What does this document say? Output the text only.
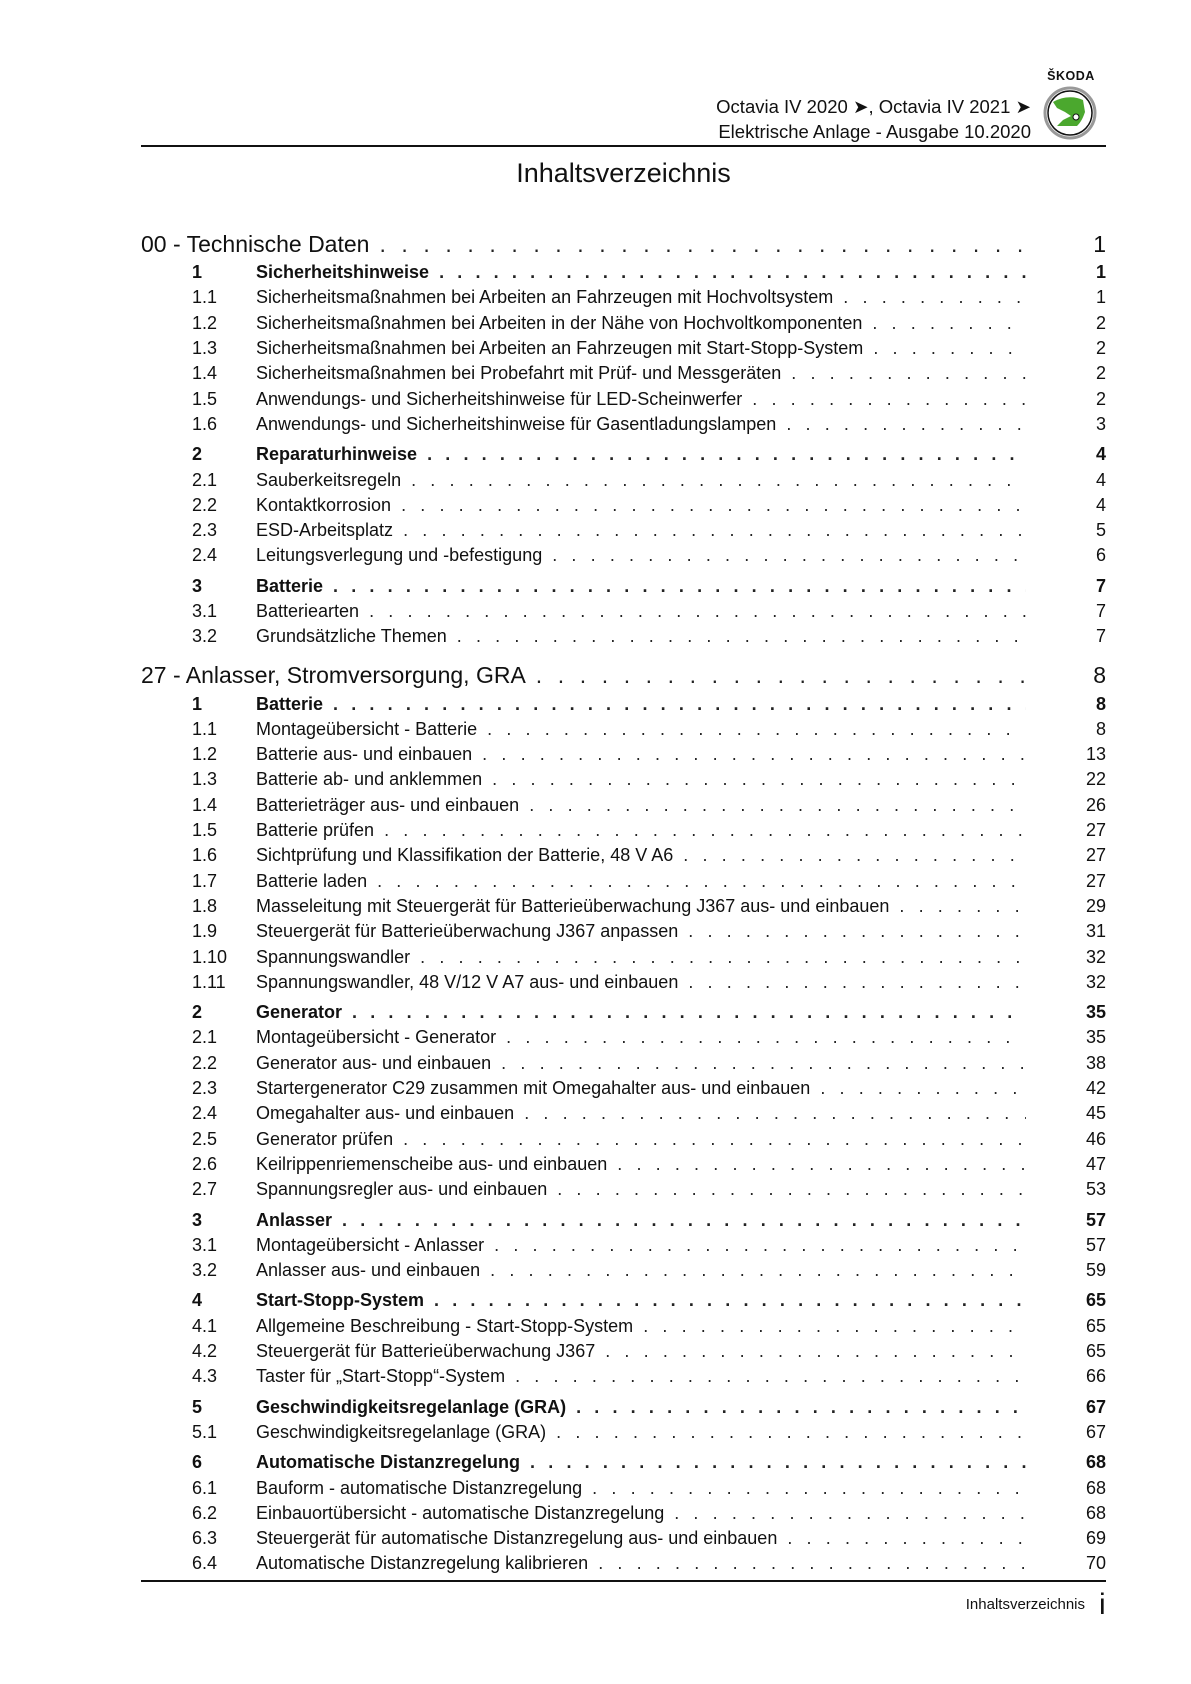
Octavia IV 2020 ➤, Octavia IV 2021 ➤
Elektrische Anlage - Ausgabe 10.2020
ŠKODA
Inhaltsverzeichnis
00 - Technische Daten . . .	1
1	Sicherheitshinweise . . .	1
1.1	Sicherheitsmaßnahmen bei Arbeiten an Fahrzeugen mit Hochvoltsystem . . .	1
1.2	Sicherheitsmaßnahmen bei Arbeiten in der Nähe von Hochvoltkomponenten . . .	2
1.3	Sicherheitsmaßnahmen bei Arbeiten an Fahrzeugen mit Start-Stopp-System . . .	2
1.4	Sicherheitsmaßnahmen bei Probefahrt mit Prüf- und Messgeräten . . .	2
1.5	Anwendungs- und Sicherheitshinweise für LED-Scheinwerfer . . .	2
1.6	Anwendungs- und Sicherheitshinweise für Gasentladungslampen . . .	3
2	Reparaturhinweise . . .	4
2.1	Sauberkeitsregeln . . .	4
2.2	Kontaktkorrosion . . .	4
2.3	ESD-Arbeitsplatz . . .	5
2.4	Leitungsverlegung und -befestigung . . .	6
3	Batterie . . .	7
3.1	Batteriearten . . .	7
3.2	Grundsätzliche Themen . . .	7
27 - Anlasser, Stromversorgung, GRA . . .	8
1	Batterie . . .	8
1.1	Montageübersicht - Batterie . . .	8
1.2	Batterie aus- und einbauen . . .	13
1.3	Batterie ab- und anklemmen . . .	22
1.4	Batterieträger aus- und einbauen . . .	26
1.5	Batterie prüfen . . .	27
1.6	Sichtprüfung und Klassifikation der Batterie, 48 V A6 . . .	27
1.7	Batterie laden . . .	27
1.8	Masseleitung mit Steuergerät für Batterieüberwachung J367 aus- und einbauen . . .	29
1.9	Steuergerät für Batterieüberwachung J367 anpassen . . .	31
1.10	Spannungswandler . . .	32
1.11	Spannungswandler, 48 V/12 V A7 aus- und einbauen . . .	32
2	Generator . . .	35
2.1	Montageübersicht - Generator . . .	35
2.2	Generator aus- und einbauen . . .	38
2.3	Startergenerator C29 zusammen mit Omegahalter aus- und einbauen . . .	42
2.4	Omegahalter aus- und einbauen . . .	45
2.5	Generator prüfen . . .	46
2.6	Keilrippenriemenscheibe aus- und einbauen . . .	47
2.7	Spannungsregler aus- und einbauen . . .	53
3	Anlasser . . .	57
3.1	Montageübersicht - Anlasser . . .	57
3.2	Anlasser aus- und einbauen . . .	59
4	Start-Stopp-System . . .	65
4.1	Allgemeine Beschreibung - Start-Stopp-System . . .	65
4.2	Steuergerät für Batterieüberwachung J367 . . .	65
4.3	Taster für „Start-Stopp“-System . . .	66
5	Geschwindigkeitsregelanlage (GRA) . . .	67
5.1	Geschwindigkeitsregelanlage (GRA) . . .	67
6	Automatische Distanzregelung . . .	68
6.1	Bauform - automatische Distanzregelung . . .	68
6.2	Einbauortübersicht - automatische Distanzregelung . . .	68
6.3	Steuergerät für automatische Distanzregelung aus- und einbauen . . .	69
6.4	Automatische Distanzregelung kalibrieren . . .	70
Inhaltsverzeichnis i
